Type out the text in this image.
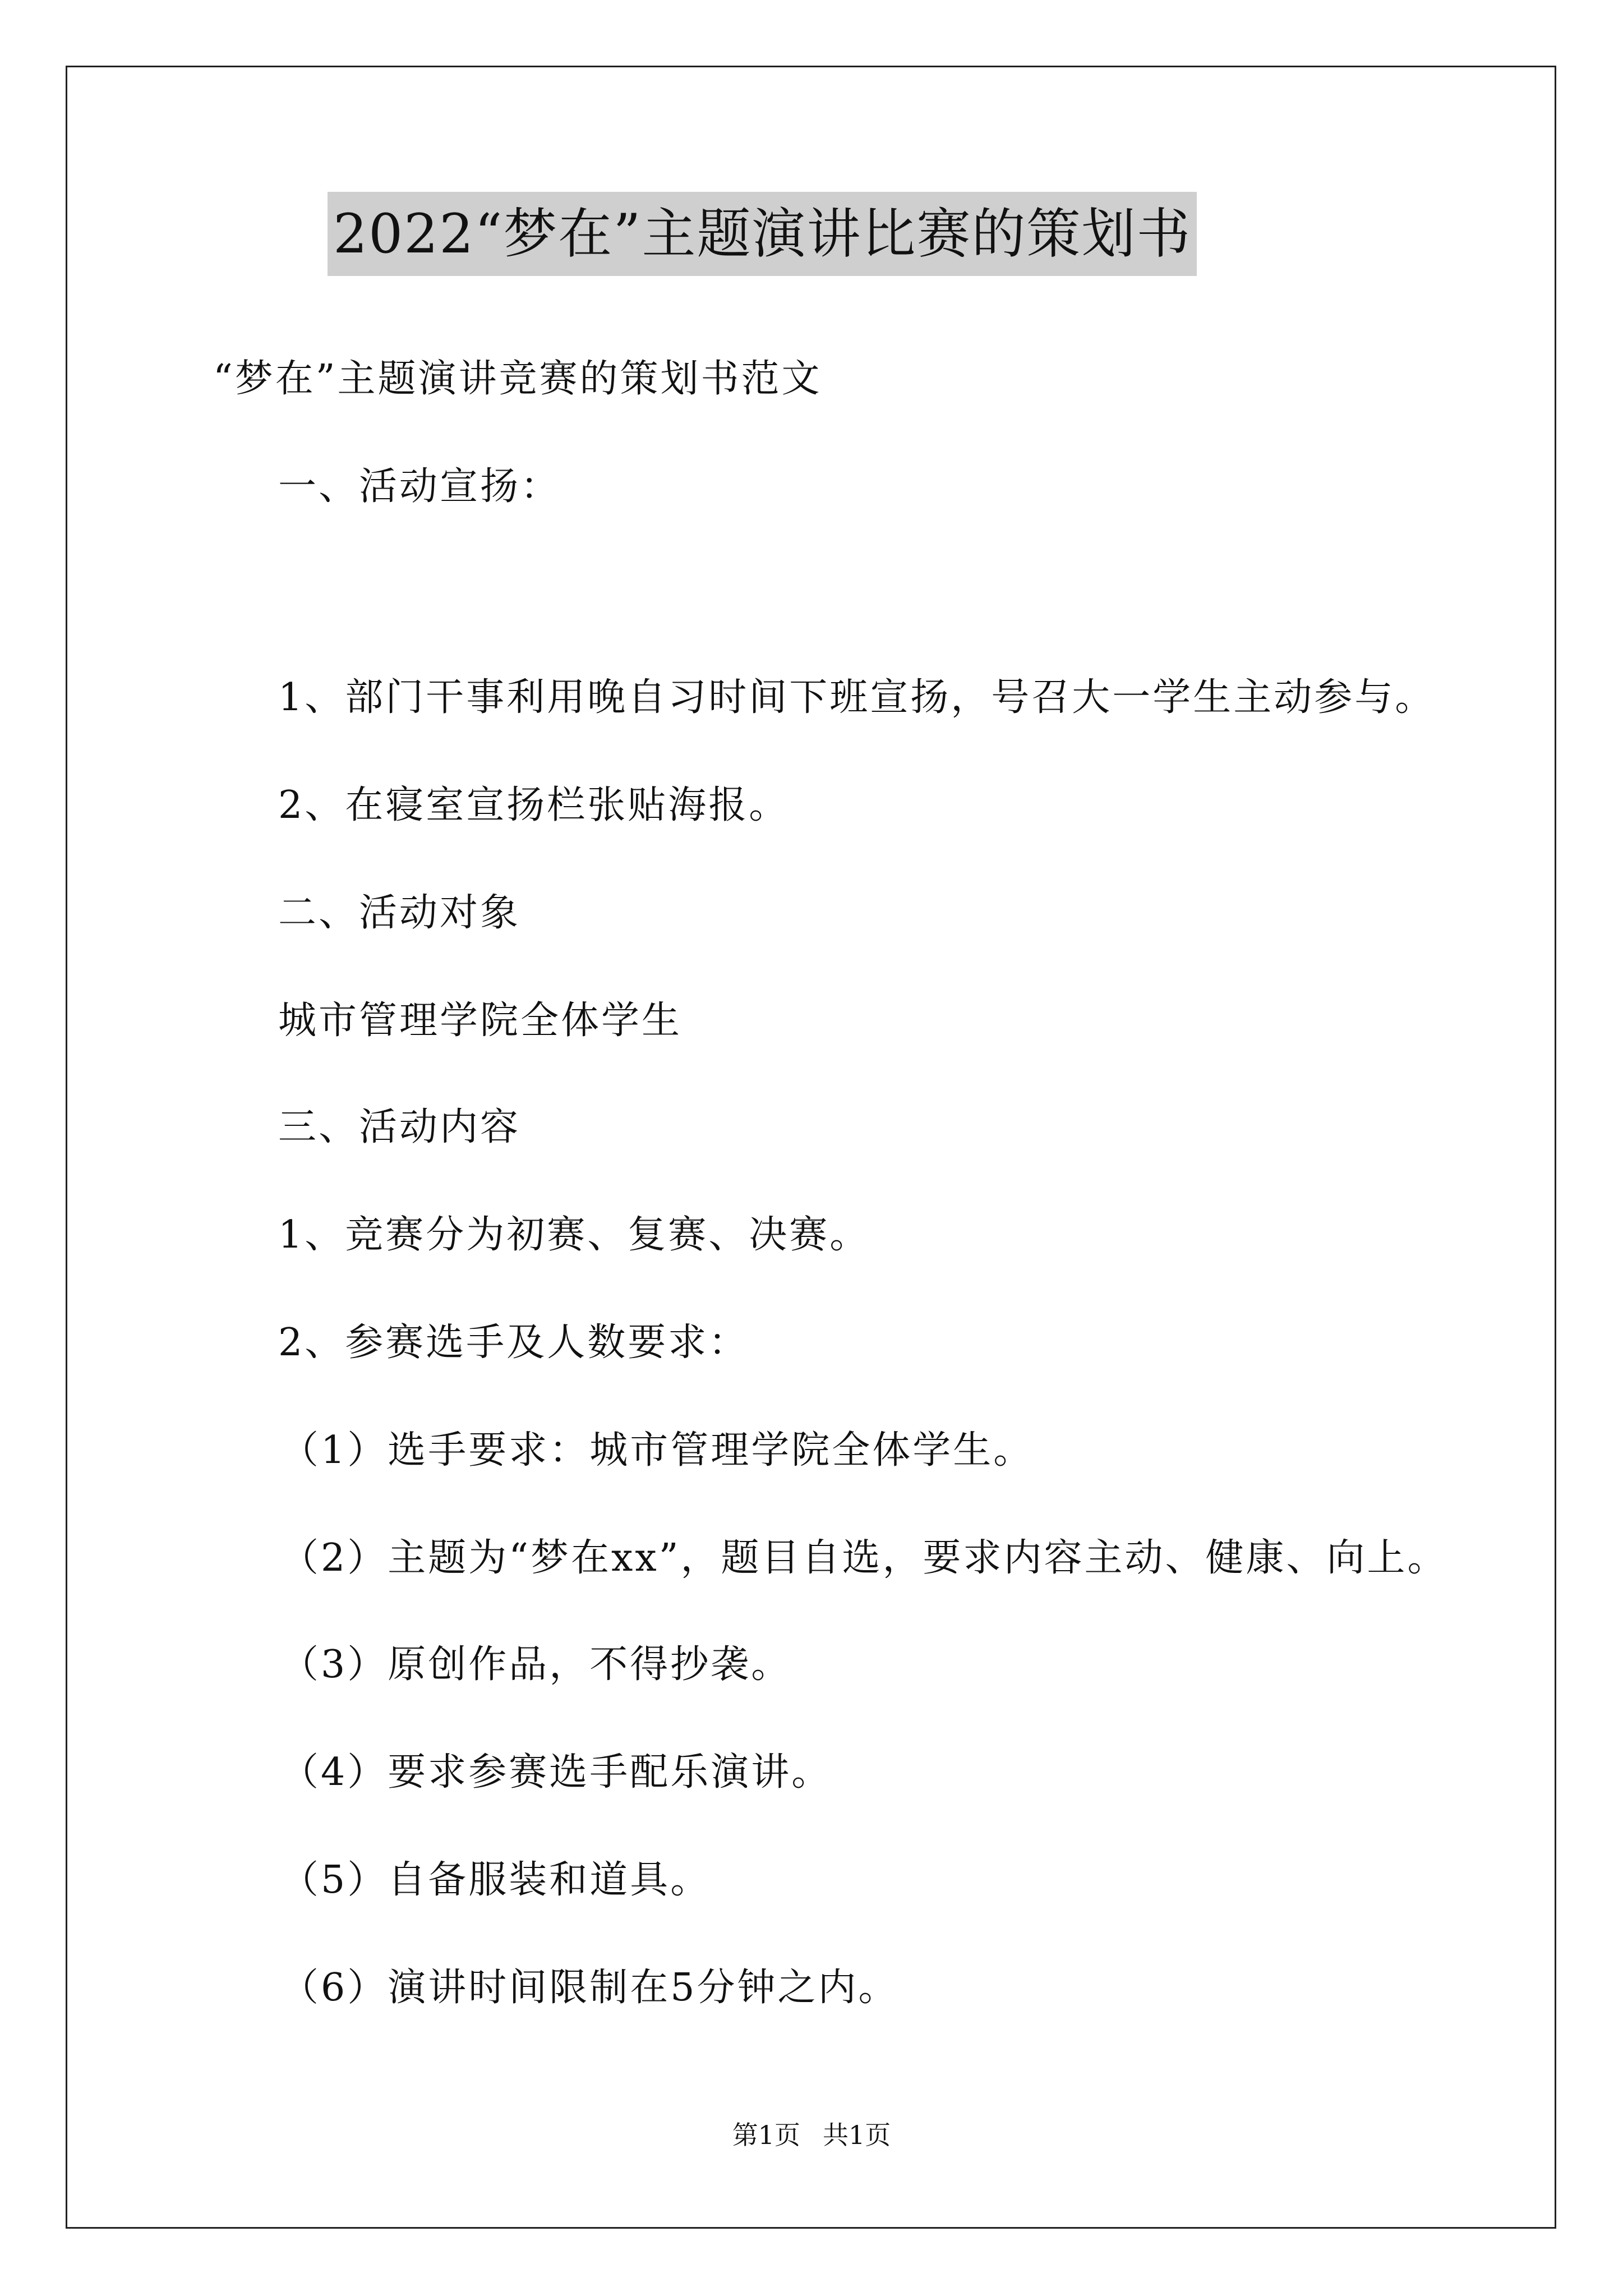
2022“梦在”主题演讲比赛的策划书
“梦在”主题演讲竞赛的策划书范文
一、活动宣扬：
1、部门干事利用晚自习时间下班宣扬，号召大一学生主动参与。
2、在寝室宣扬栏张贴海报。
二、活动对象
城市管理学院全体学生
三、活动内容
1、竞赛分为初赛、复赛、决赛。
2、参赛选手及人数要求：
（1）选手要求：城市管理学院全体学生。
（2）主题为“梦在xx”，题目自选，要求内容主动、健康、向上。
（3）原创作品，不得抄袭。
（4）要求参赛选手配乐演讲。
（5）自备服装和道具。
（6）演讲时间限制在5分钟之内。
第1页 共1页
